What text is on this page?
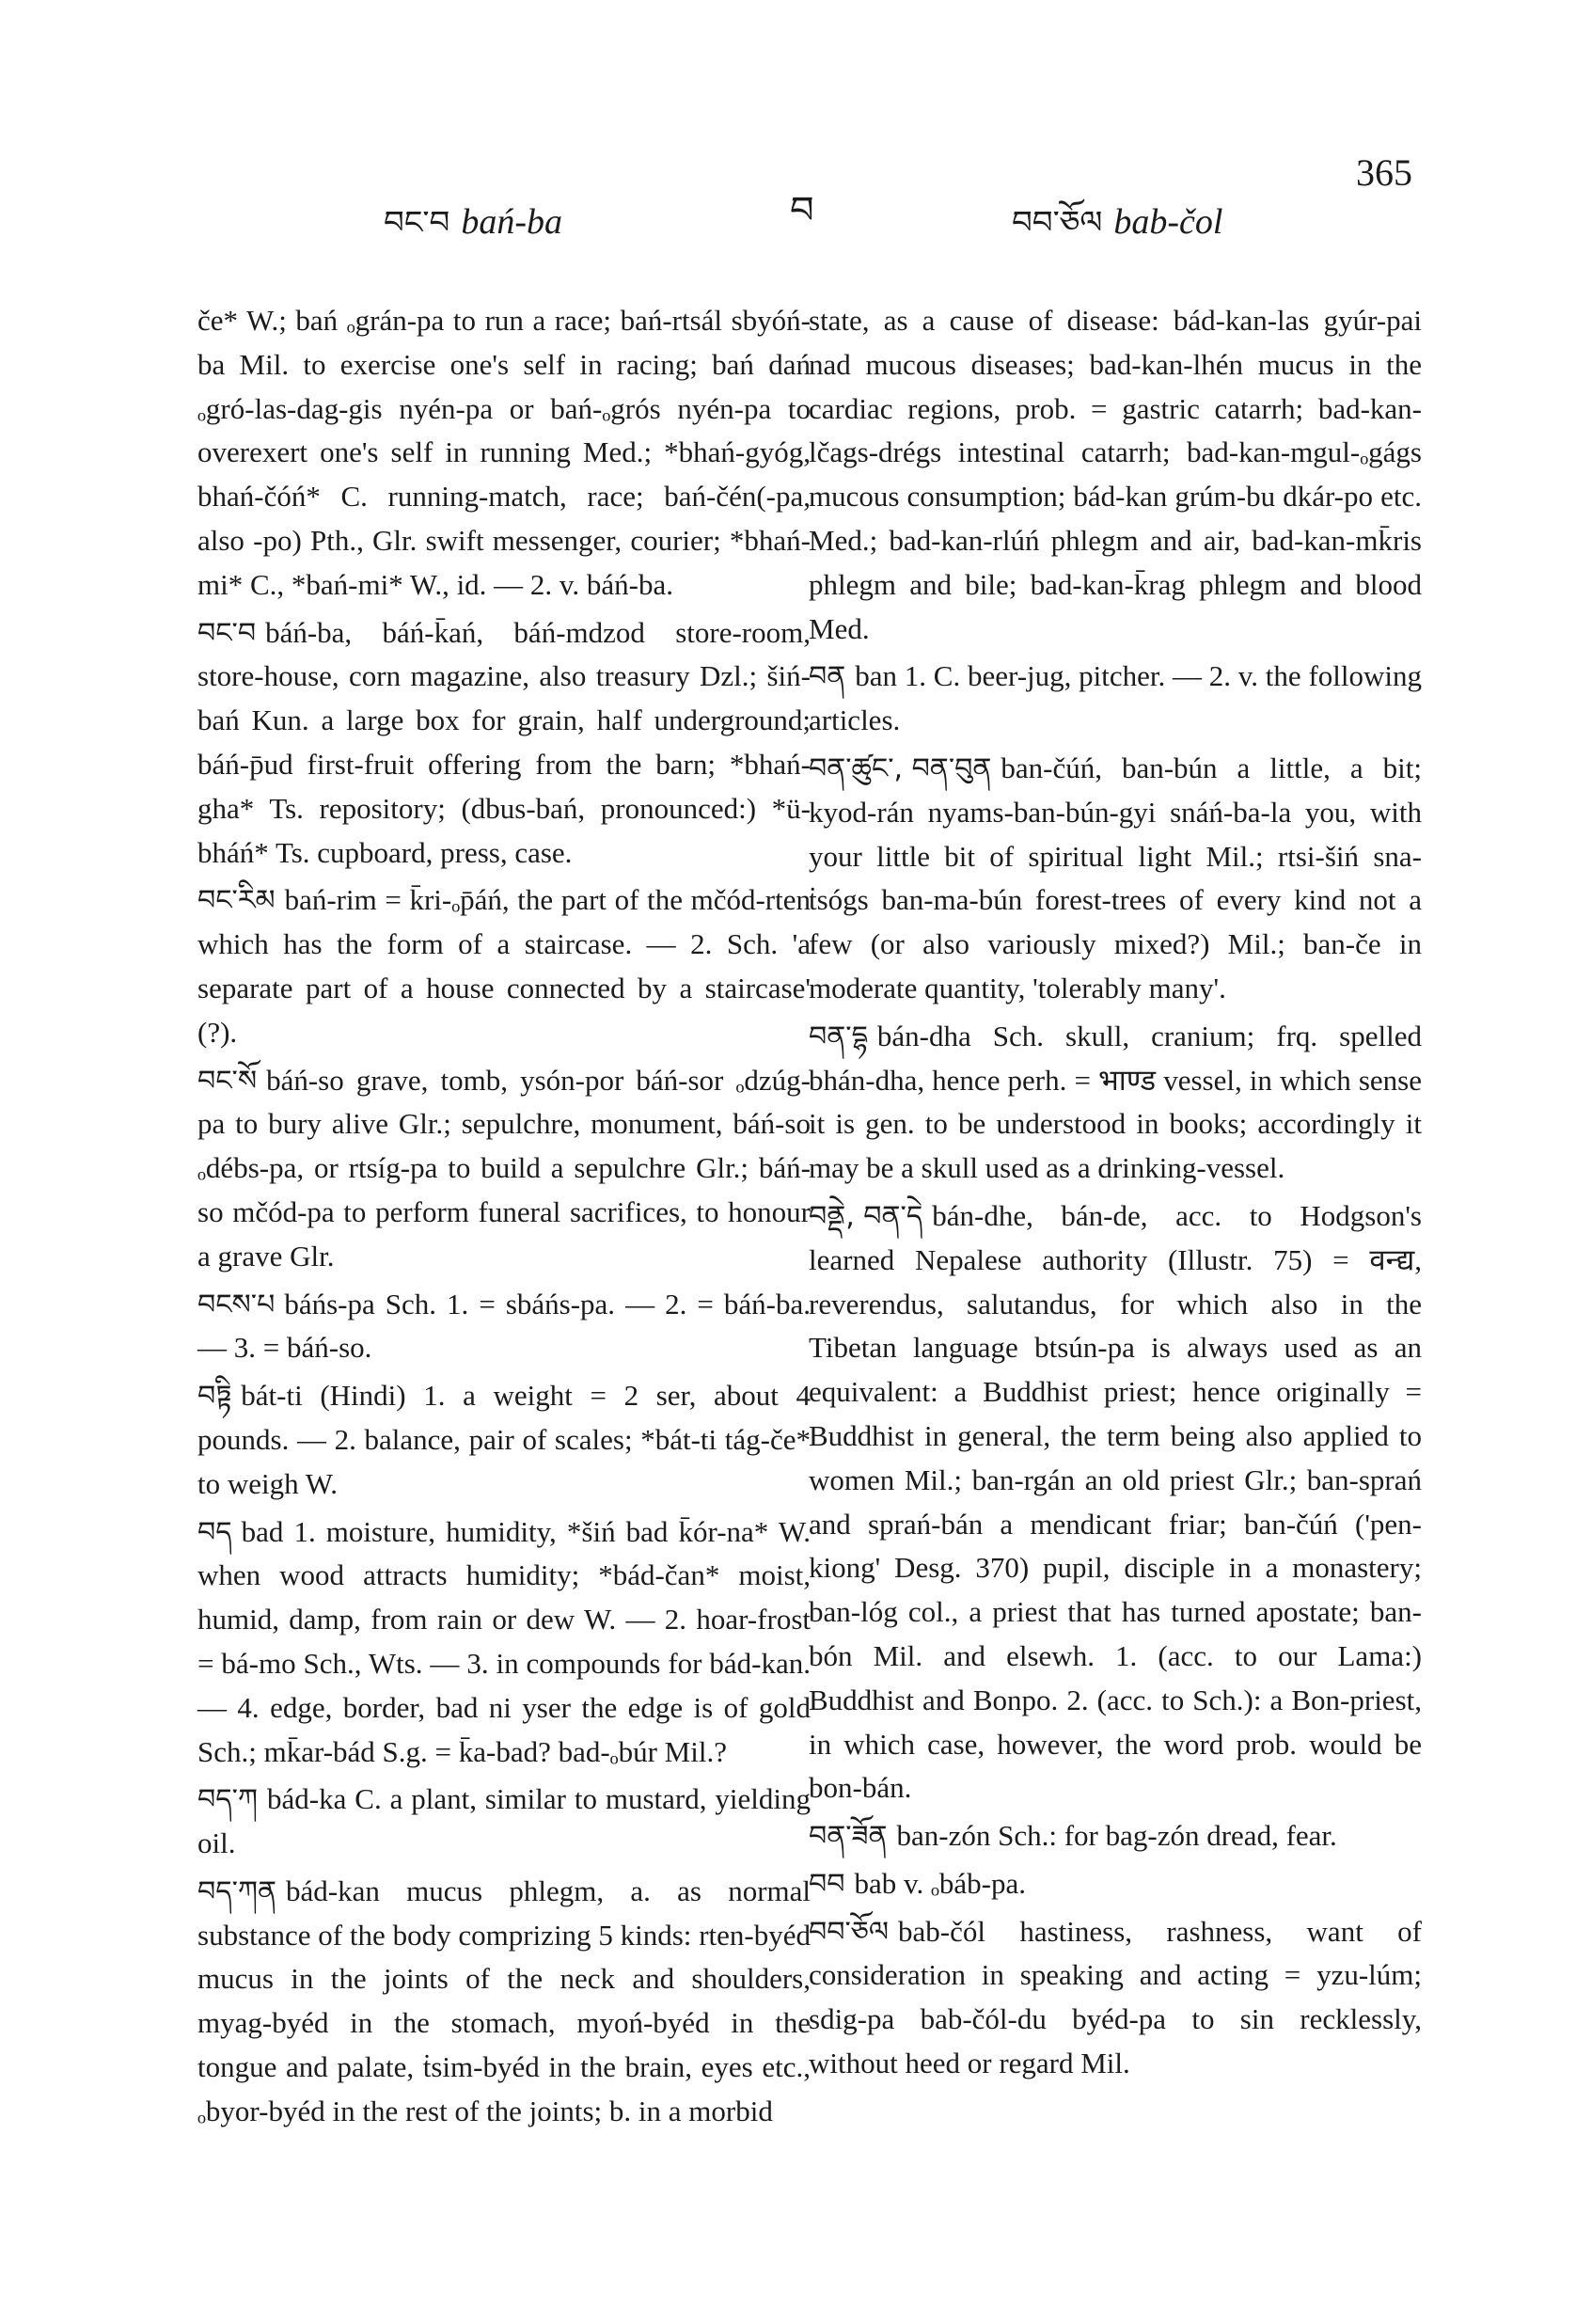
བང་བ bań-ba	བ	བབ་ཅོལ bab-čol
365

če* W.; bań ₒgrán-pa to run a race; bań-rtsál sbyóń-ba Mil. to exercise one's self in racing; bań dań ₒgró-las-dag-gis nyén-pa or bań-ₒgrós nyén-pa to overexert one's self in running Med.; *bhań-gyóg, bhań-čóń* C. running-match, race; bań-čén(-pa, also -po) Pth., Glr. swift messenger, courier; *bhań-mi* C., *bań-mi* W., id. — 2. v. báń-ba.

བང་བ báń-ba, báń-k̄ań, báń-mdzod store-room, store-house, corn magazine, also treasury Dzl.; šiń-bań Kun. a large box for grain, half underground; báń-p̄ud first-fruit offering from the barn; *bhań-gha* Ts. repository; (dbus-bań, pronounced:) *ü-bháń* Ts. cupboard, press, case.

བང་རིམ bań-rim = k̄ri-ₒp̄áń, the part of the mčód-rten which has the form of a staircase. — 2. Sch. 'a separate part of a house connected by a staircase' (?).

བང་སོ báń-so grave, tomb, ysón-por báń-sor ₒdzúg-pa to bury alive Glr.; sepulchre, monument, báń-so ₒdébs-pa, or rtsíg-pa to build a sepulchre Glr.; báń-so mčód-pa to perform funeral sacrifices, to honour a grave Glr.

བངས་པ báńs-pa Sch. 1. = sbáńs-pa. — 2. = báń-ba. — 3. = báń-so.

བཏྟི bát-ti (Hindi) 1. a weight = 2 ser, about 4 pounds. — 2. balance, pair of scales; *bát-ti tág-če* to weigh W.

བད bad 1. moisture, humidity, *šiń bad k̄ór-na* W. when wood attracts humidity; *bád-čan* moist, humid, damp, from rain or dew W. — 2. hoar-frost = bá-mo Sch., Wts. — 3. in compounds for bád-kan. — 4. edge, border, bad ni yser the edge is of gold Sch.; mk̄ar-bád S.g. = k̄a-bad? bad-ₒbúr Mil.?

བད་ཀ bád-ka C. a plant, similar to mustard, yielding oil.

བད་ཀན bád-kan mucus phlegm, a. as normal substance of the body comprizing 5 kinds: rten-byéd mucus in the joints of the neck and shoulders, myag-byéd in the stomach, myoń-byéd in the tongue and palate, ṫsim-byéd in the brain, eyes etc., ₒbyor-byéd in the rest of the joints; b. in a morbid

state, as a cause of disease: bád-kan-las gyúr-pai nad mucous diseases; bad-kan-lhén mucus in the cardiac regions, prob. = gastric catarrh; bad-kan-lčags-drégs intestinal catarrh; bad-kan-mgul-ₒgágs mucous consumption; bád-kan grúm-bu dkár-po etc. Med.; bad-kan-rlúń phlegm and air, bad-kan-mk̄ris phlegm and bile; bad-kan-k̄rag phlegm and blood Med.

བན ban 1. C. beer-jug, pitcher. — 2. v. the following articles.

བན་ཚུང་, བན་བུན ban-čúń, ban-bún a little, a bit; kyod-rán nyams-ban-bún-gyi snáń-ba-la you, with your little bit of spiritual light Mil.; rtsi-šiń sna-ṫsógs ban-ma-bún forest-trees of every kind not a few (or also variously mixed?) Mil.; ban-če in moderate quantity, 'tolerably many'.

བན་དྷ bán-dha Sch. skull, cranium; frq. spelled bhán-dha, hence perh. = भाण्ड vessel, in which sense it is gen. to be understood in books; accordingly it may be a skull used as a drinking-vessel.

བནྡེ, བན་དེ bán-dhe, bán-de, acc. to Hodgson's learned Nepalese authority (Illustr. 75) = वन्द्य, reverendus, salutandus, for which also in the Tibetan language btsún-pa is always used as an equivalent: a Buddhist priest; hence originally = Buddhist in general, the term being also applied to women Mil.; ban-rgán an old priest Glr.; ban-sprań and sprań-bán a mendicant friar; ban-čúń ('pen-kiong' Desg. 370) pupil, disciple in a monastery; ban-lóg col., a priest that has turned apostate; ban-bón Mil. and elsewh. 1. (acc. to our Lama:) Buddhist and Bonpo. 2. (acc. to Sch.): a Bon-priest, in which case, however, the word prob. would be bon-bán.

བན་ཟོན ban-zón Sch.: for bag-zón dread, fear.

བབ bab v. ₒbáb-pa.

བབ་ཅོལ bab-čól hastiness, rashness, want of consideration in speaking and acting = yzu-lúm; sdig-pa bab-čól-du byéd-pa to sin recklessly, without heed or regard Mil.
